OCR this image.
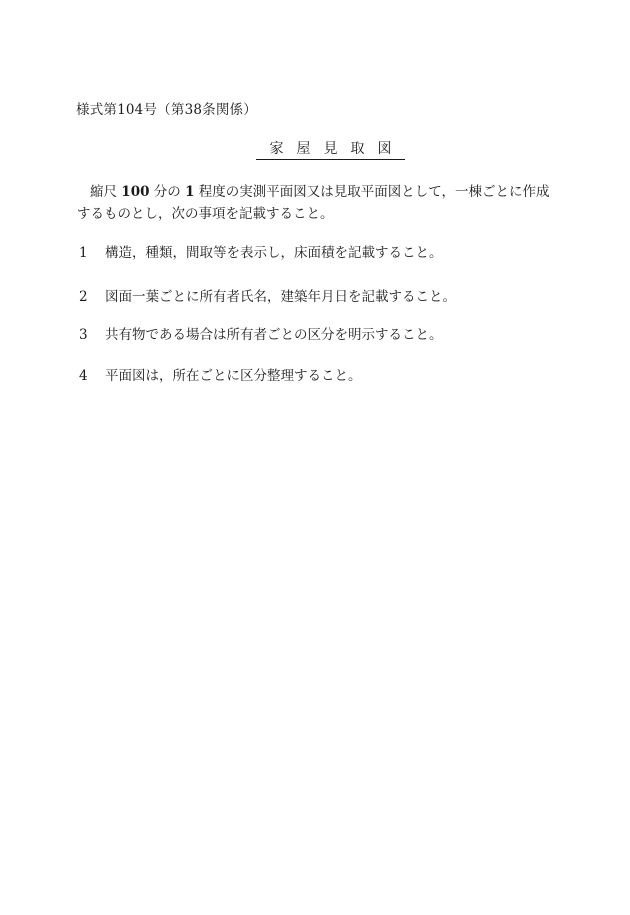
様式第104号（第38条関係）
家屋見取図
縮尺 100 分の 1 程度の実測平面図又は見取平面図として，一棟ごとに作成するものとし，次の事項を記載すること。
1 構造，種類，間取等を表示し，床面積を記載すること。
2 図面一葉ごとに所有者氏名，建築年月日を記載すること。
3 共有物である場合は所有者ごとの区分を明示すること。
4 平面図は，所在ごとに区分整理すること。
